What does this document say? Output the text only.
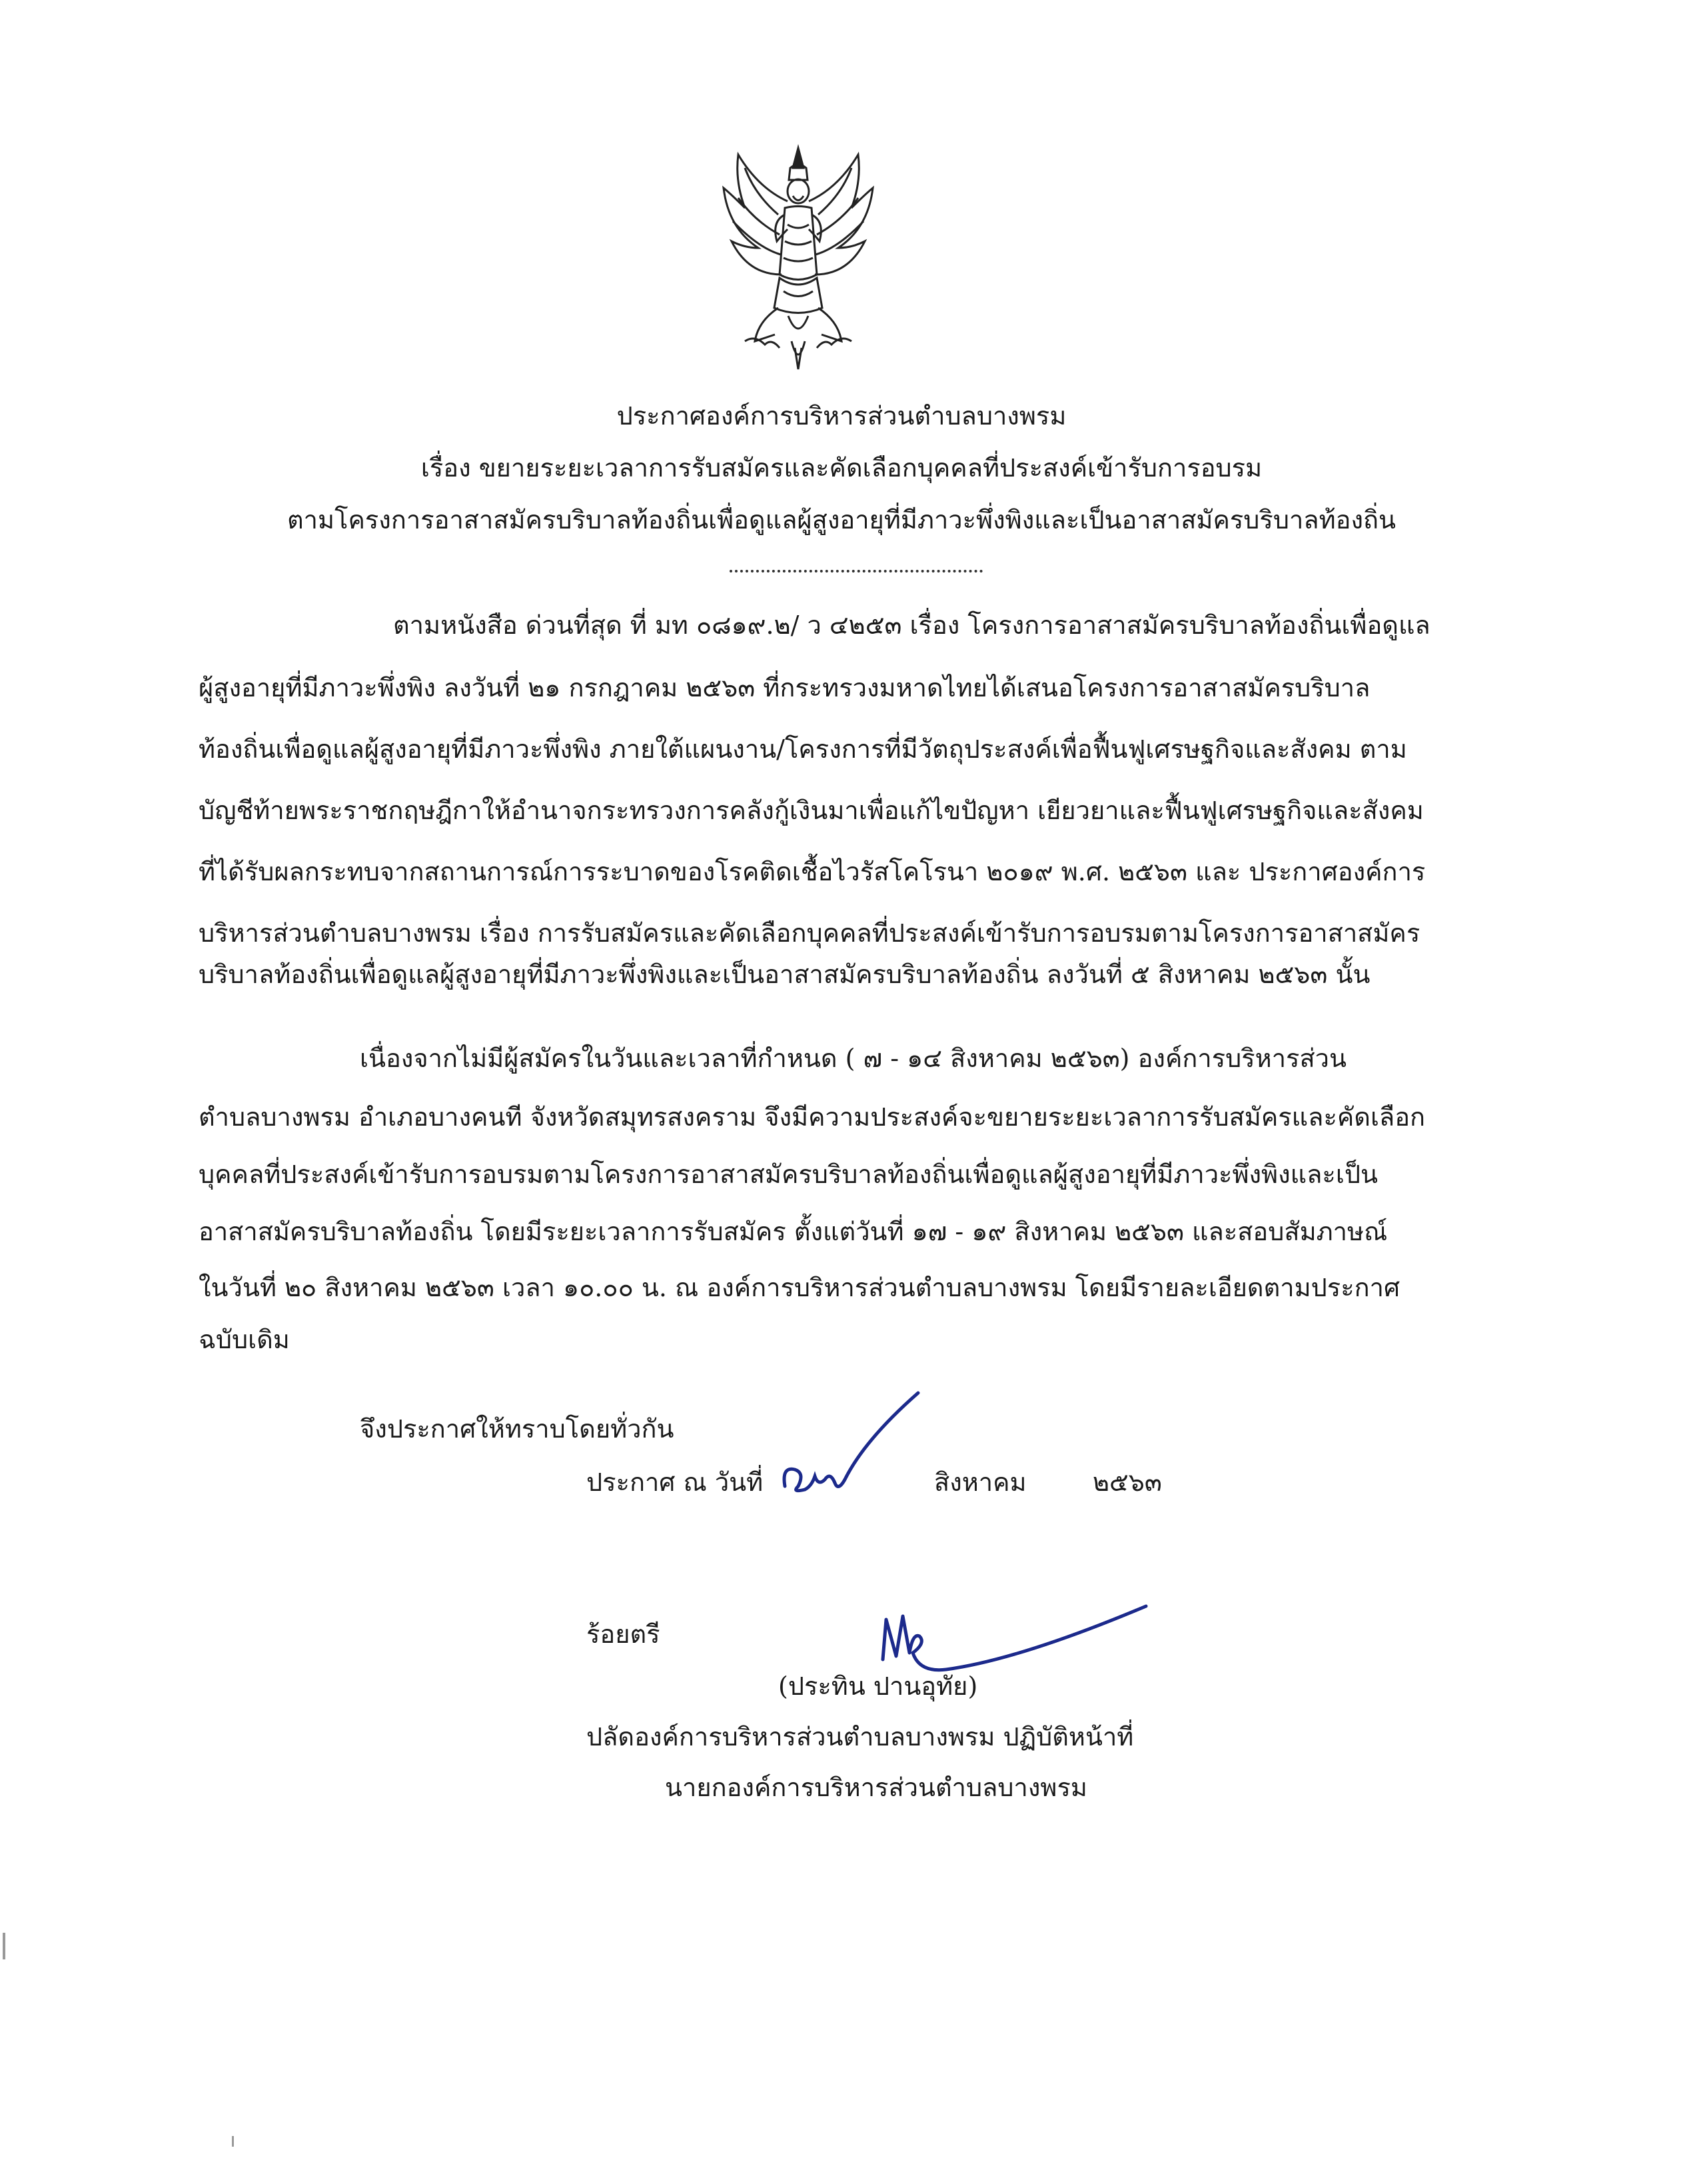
ประกาศองค์การบริหารส่วนตำบลบางพรม
เรื่อง ขยายระยะเวลาการรับสมัครและคัดเลือกบุคคลที่ประสงค์เข้ารับการอบรม
ตามโครงการอาสาสมัครบริบาลท้องถิ่นเพื่อดูแลผู้สูงอายุที่มีภาวะพึ่งพิงและเป็นอาสาสมัครบริบาลท้องถิ่น
ตามหนังสือ ด่วนที่สุด ที่ มท ๐๘๑๙.๒/ ว ๔๒๕๓ เรื่อง โครงการอาสาสมัครบริบาลท้องถิ่นเพื่อดูแล
ผู้สูงอายุที่มีภาวะพึ่งพิง ลงวันที่ ๒๑ กรกฎาคม ๒๕๖๓ ที่กระทรวงมหาดไทยได้เสนอโครงการอาสาสมัครบริบาล
ท้องถิ่นเพื่อดูแลผู้สูงอายุที่มีภาวะพึ่งพิง ภายใต้แผนงาน/โครงการที่มีวัตถุประสงค์เพื่อฟื้นฟูเศรษฐกิจและสังคม ตาม
บัญชีท้ายพระราชกฤษฎีกาให้อำนาจกระทรวงการคลังกู้เงินมาเพื่อแก้ไขปัญหา เยียวยาและฟื้นฟูเศรษฐกิจและสังคม
ที่ได้รับผลกระทบจากสถานการณ์การระบาดของโรคติดเชื้อไวรัสโคโรนา ๒๐๑๙ พ.ศ. ๒๕๖๓ และ ประกาศองค์การ
บริหารส่วนตำบลบางพรม เรื่อง การรับสมัครและคัดเลือกบุคคลที่ประสงค์เข้ารับการอบรมตามโครงการอาสาสมัคร
บริบาลท้องถิ่นเพื่อดูแลผู้สูงอายุที่มีภาวะพึ่งพิงและเป็นอาสาสมัครบริบาลท้องถิ่น ลงวันที่ ๕ สิงหาคม ๒๕๖๓ นั้น
เนื่องจากไม่มีผู้สมัครในวันและเวลาที่กำหนด ( ๗ - ๑๔ สิงหาคม ๒๕๖๓) องค์การบริหารส่วน
ตำบลบางพรม อำเภอบางคนที จังหวัดสมุทรสงคราม จึงมีความประสงค์จะขยายระยะเวลาการรับสมัครและคัดเลือก
บุคคลที่ประสงค์เข้ารับการอบรมตามโครงการอาสาสมัครบริบาลท้องถิ่นเพื่อดูแลผู้สูงอายุที่มีภาวะพึ่งพิงและเป็น
อาสาสมัครบริบาลท้องถิ่น โดยมีระยะเวลาการรับสมัคร ตั้งแต่วันที่ ๑๗ - ๑๙ สิงหาคม ๒๕๖๓ และสอบสัมภาษณ์
ในวันที่ ๒๐ สิงหาคม ๒๕๖๓ เวลา ๑๐.๐๐ น. ณ องค์การบริหารส่วนตำบลบางพรม โดยมีรายละเอียดตามประกาศ
ฉบับเดิม
จึงประกาศให้ทราบโดยทั่วกัน
ประกาศ ณ วันที่	สิงหาคม	๒๕๖๓
ร้อยตรี
(ประทิน ปานอุทัย)
ปลัดองค์การบริหารส่วนตำบลบางพรม ปฏิบัติหน้าที่
นายกองค์การบริหารส่วนตำบลบางพรม
